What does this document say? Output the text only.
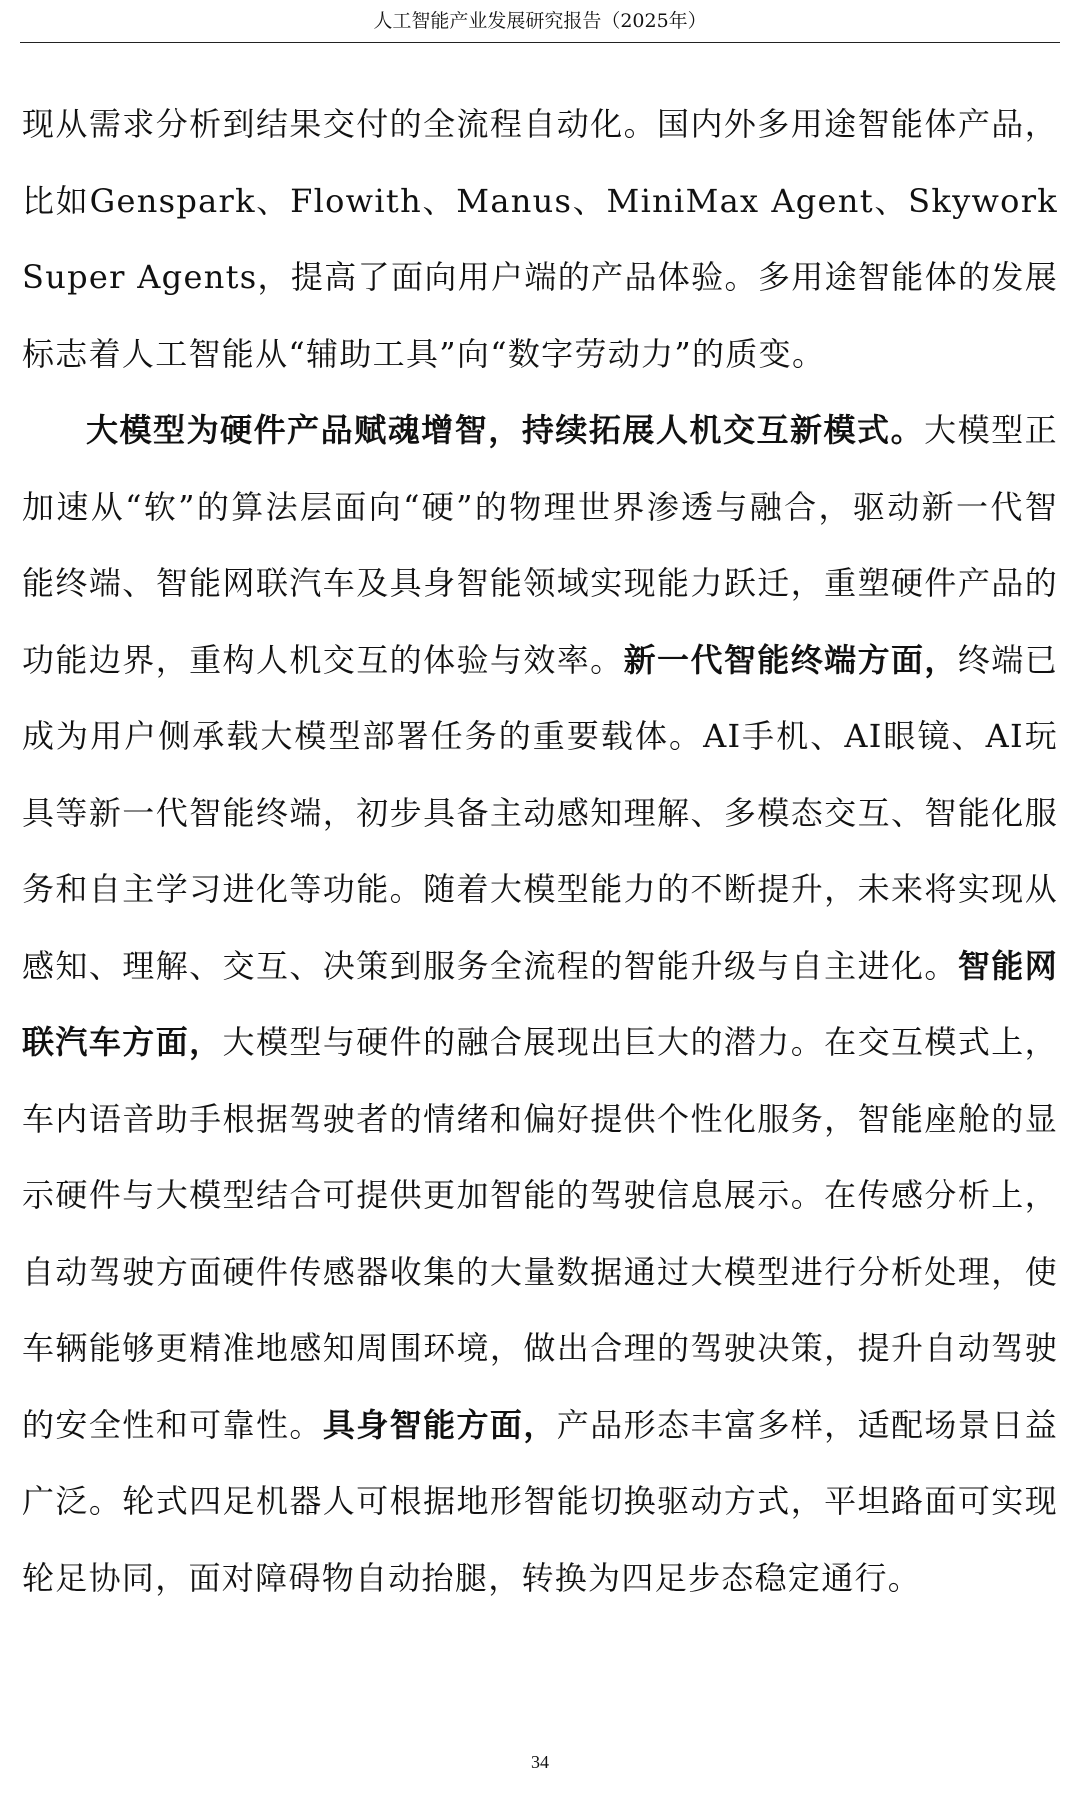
人工智能产业发展研究报告（2025年）

现从需求分析到结果交付的全流程自动化。国内外多用途智能体产品，比如Genspark、Flowith、Manus、MiniMax Agent、Skywork Super Agents，提高了面向用户端的产品体验。多用途智能体的发展标志着人工智能从“辅助工具”向“数字劳动力”的质变。

大模型为硬件产品赋魂增智，持续拓展人机交互新模式。大模型正加速从“软”的算法层面向“硬”的物理世界渗透与融合，驱动新一代智能终端、智能网联汽车及具身智能领域实现能力跃迁，重塑硬件产品的功能边界，重构人机交互的体验与效率。新一代智能终端方面，终端已成为用户侧承载大模型部署任务的重要载体。AI手机、AI眼镜、AI玩具等新一代智能终端，初步具备主动感知理解、多模态交互、智能化服务和自主学习进化等功能。随着大模型能力的不断提升，未来将实现从感知、理解、交互、决策到服务全流程的智能升级与自主进化。智能网联汽车方面，大模型与硬件的融合展现出巨大的潜力。在交互模式上，车内语音助手根据驾驶者的情绪和偏好提供个性化服务，智能座舱的显示硬件与大模型结合可提供更加智能的驾驶信息展示。在传感分析上，自动驾驶方面硬件传感器收集的大量数据通过大模型进行分析处理，使车辆能够更精准地感知周围环境，做出合理的驾驶决策，提升自动驾驶的安全性和可靠性。具身智能方面，产品形态丰富多样，适配场景日益广泛。轮式四足机器人可根据地形智能切换驱动方式，平坦路面可实现轮足协同，面对障碍物自动抬腿，转换为四足步态稳定通行。

34
